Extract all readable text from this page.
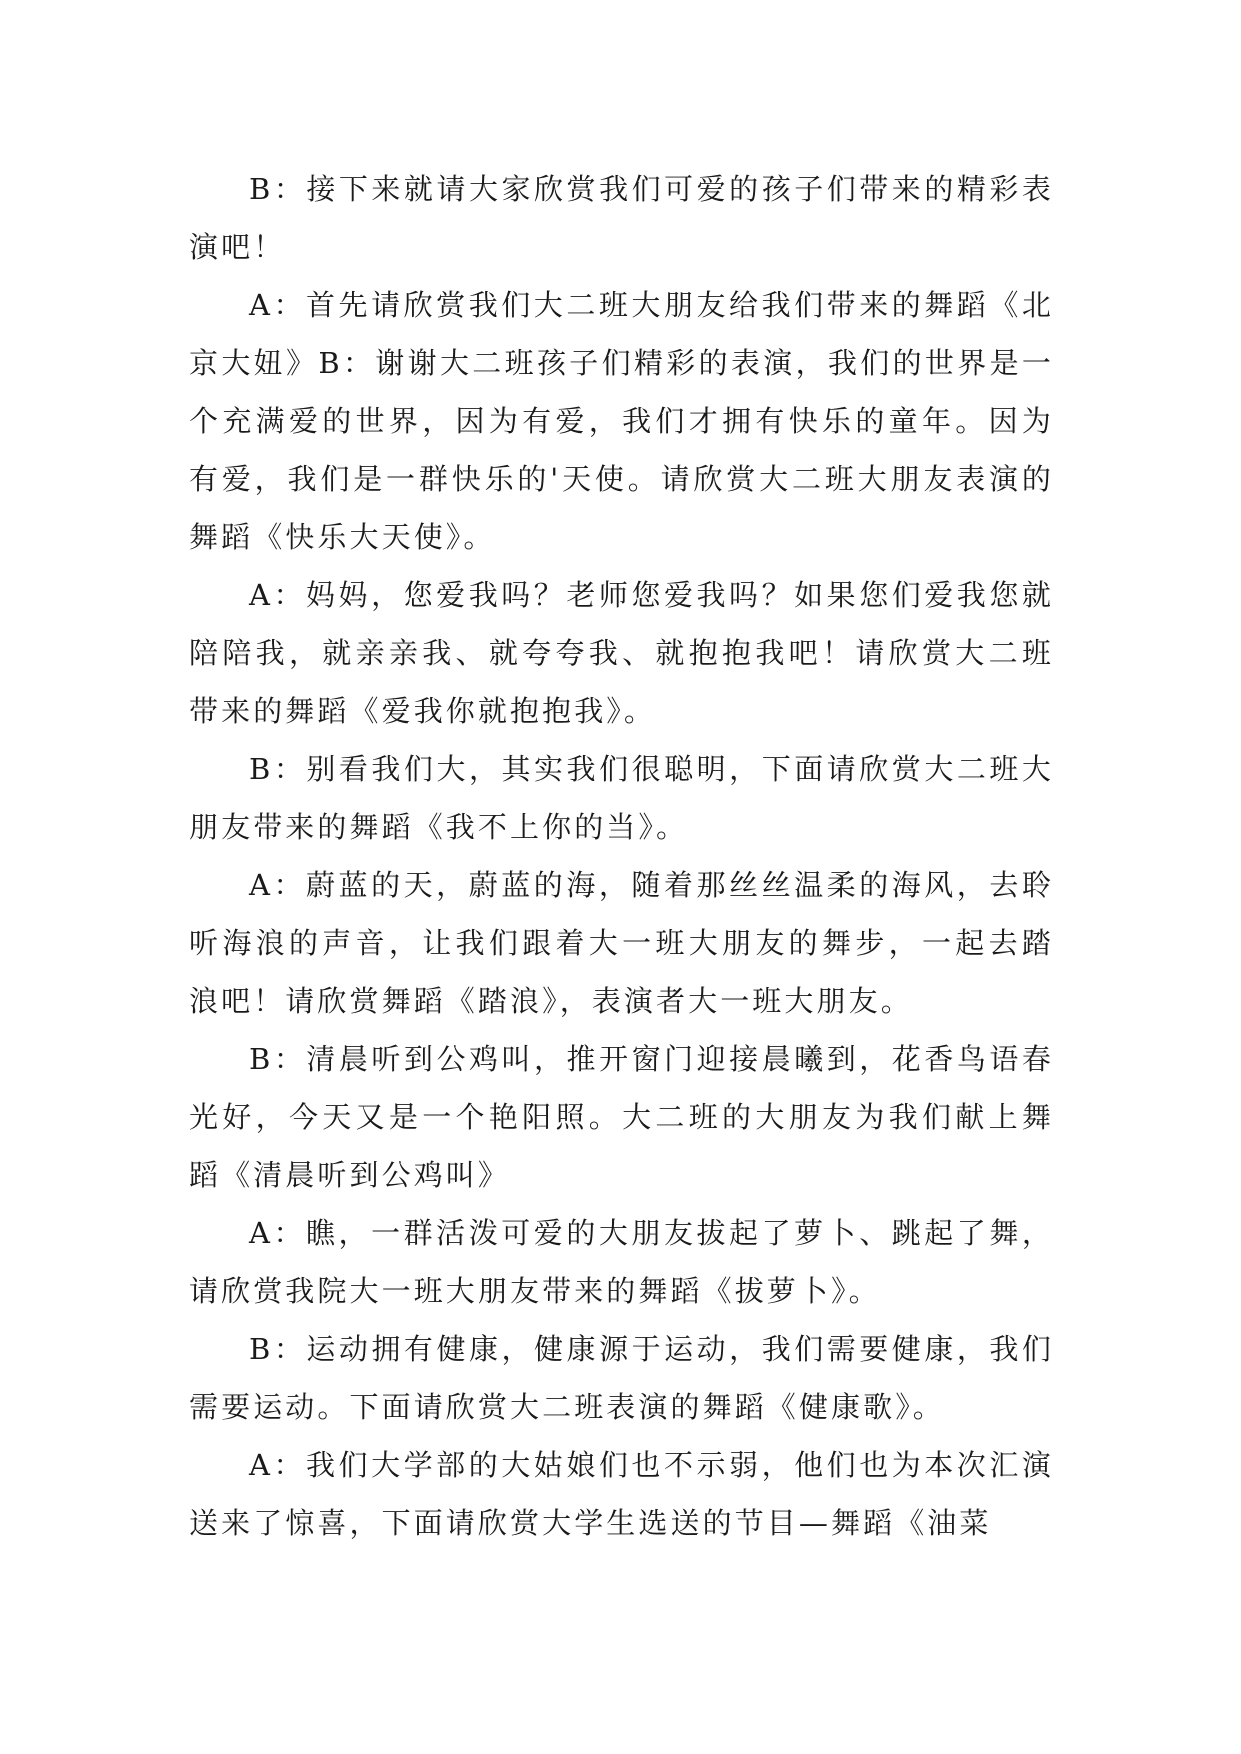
B：接下来就请大家欣赏我们可爱的孩子们带来的精彩表演吧！

A：首先请欣赏我们大二班大朋友给我们带来的舞蹈《北京大妞》B：谢谢大二班孩子们精彩的表演，我们的世界是一个充满爱的世界，因为有爱，我们才拥有快乐的童年。因为有爱，我们是一群快乐的'天使。请欣赏大二班大朋友表演的舞蹈《快乐大天使》。

A：妈妈，您爱我吗？老师您爱我吗？如果您们爱我您就陪陪我，就亲亲我、就夸夸我、就抱抱我吧！请欣赏大二班带来的舞蹈《爱我你就抱抱我》。

B：别看我们大，其实我们很聪明，下面请欣赏大二班大朋友带来的舞蹈《我不上你的当》。

A：蔚蓝的天，蔚蓝的海，随着那丝丝温柔的海风，去聆听海浪的声音，让我们跟着大一班大朋友的舞步，一起去踏浪吧！请欣赏舞蹈《踏浪》，表演者大一班大朋友。

B：清晨听到公鸡叫，推开窗门迎接晨曦到，花香鸟语春光好，今天又是一个艳阳照。大二班的大朋友为我们献上舞蹈《清晨听到公鸡叫》

A：瞧，一群活泼可爱的大朋友拔起了萝卜、跳起了舞，请欣赏我院大一班大朋友带来的舞蹈《拔萝卜》。

B：运动拥有健康，健康源于运动，我们需要健康，我们需要运动。下面请欣赏大二班表演的舞蹈《健康歌》。

A：我们大学部的大姑娘们也不示弱，他们也为本次汇演送来了惊喜，下面请欣赏大学生选送的节目—舞蹈《油菜
